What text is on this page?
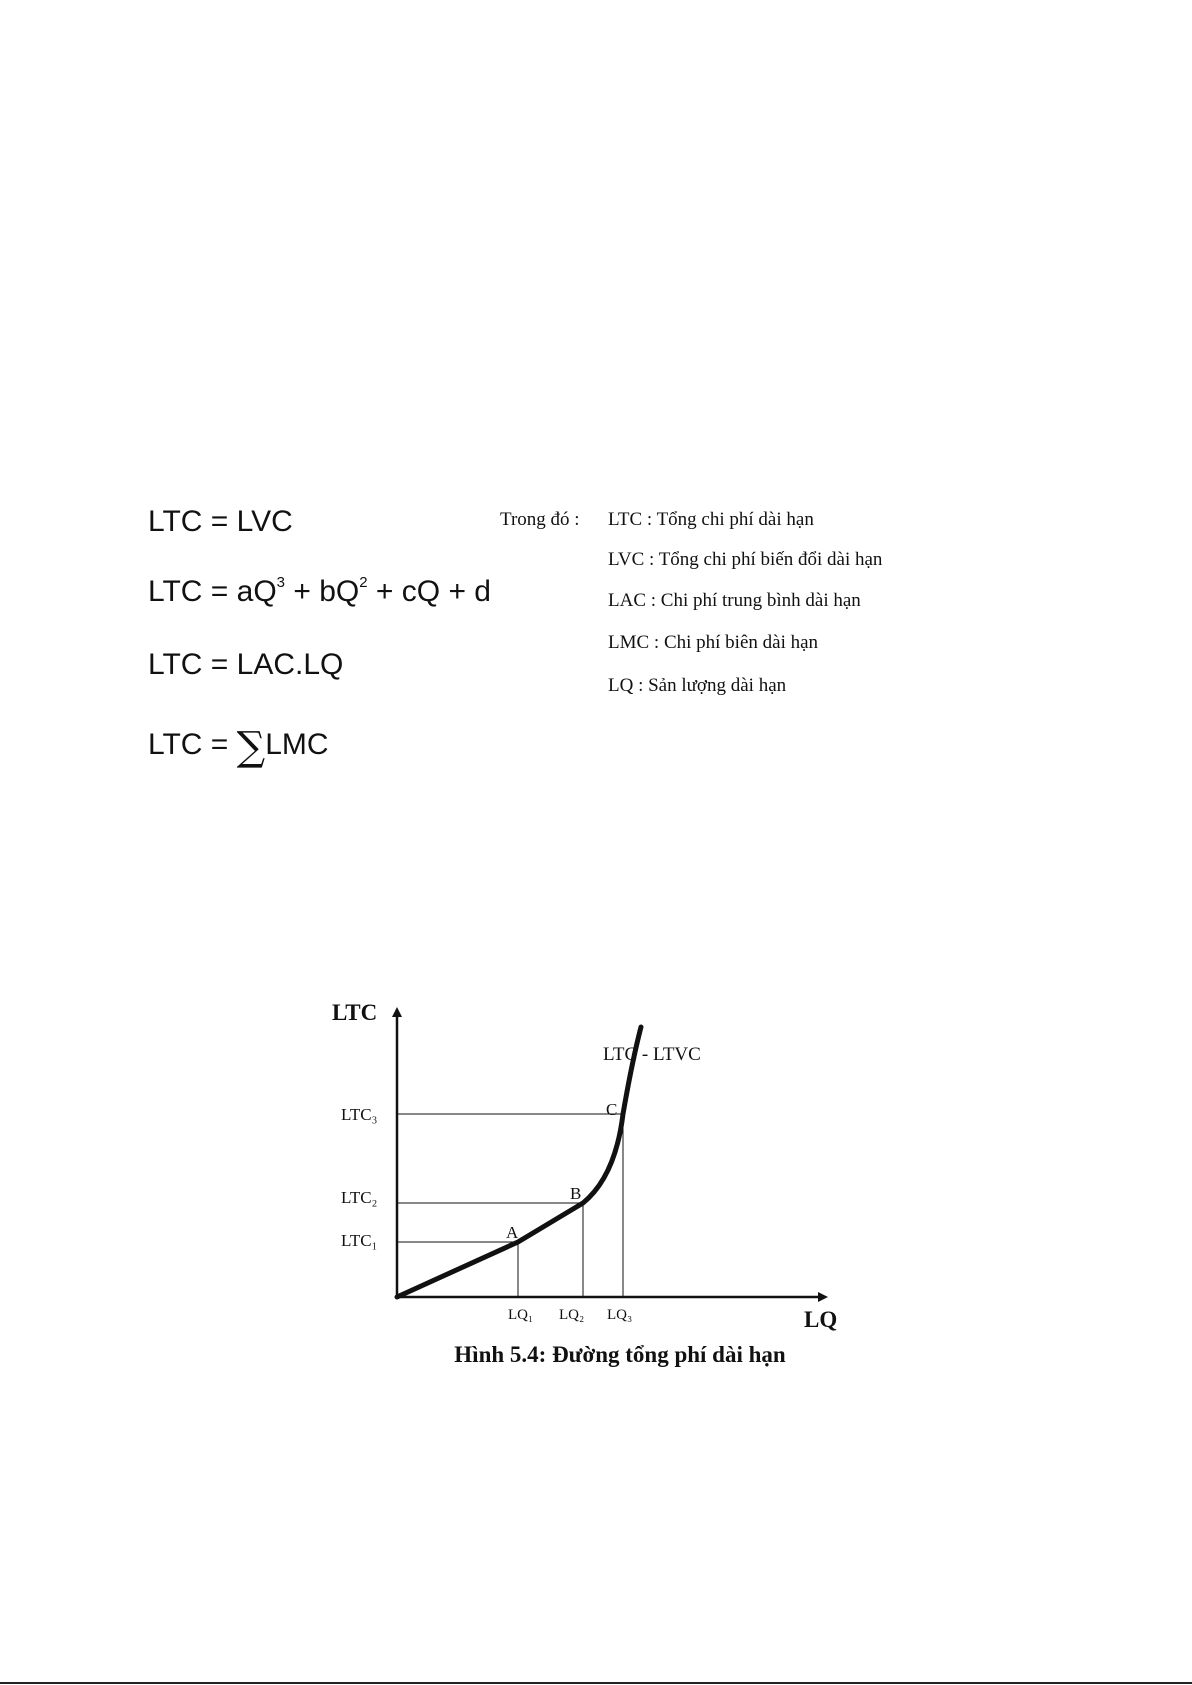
LTC = LVC
LTC = $aQ^3 + bQ^2$ + cQ + d
LTC = LAC.LQ
LTC = ∑LMC
Trong đó : LTC : Tổng chi phí dài hạn
LVC : Tổng chi phí biến đổi dài hạn
LAC : Chi phí trung bình dài hạn
LMC : Chi phí biên dài hạn
LQ : Sản lượng dài hạn
LTC
LQ
LTC - LTVC
LTC₃
LTC₂
LTC₁
LQ₁ LQ₂ LQ₃
A
B
C
Hình 5.4: Đường tổng phí dài hạn
